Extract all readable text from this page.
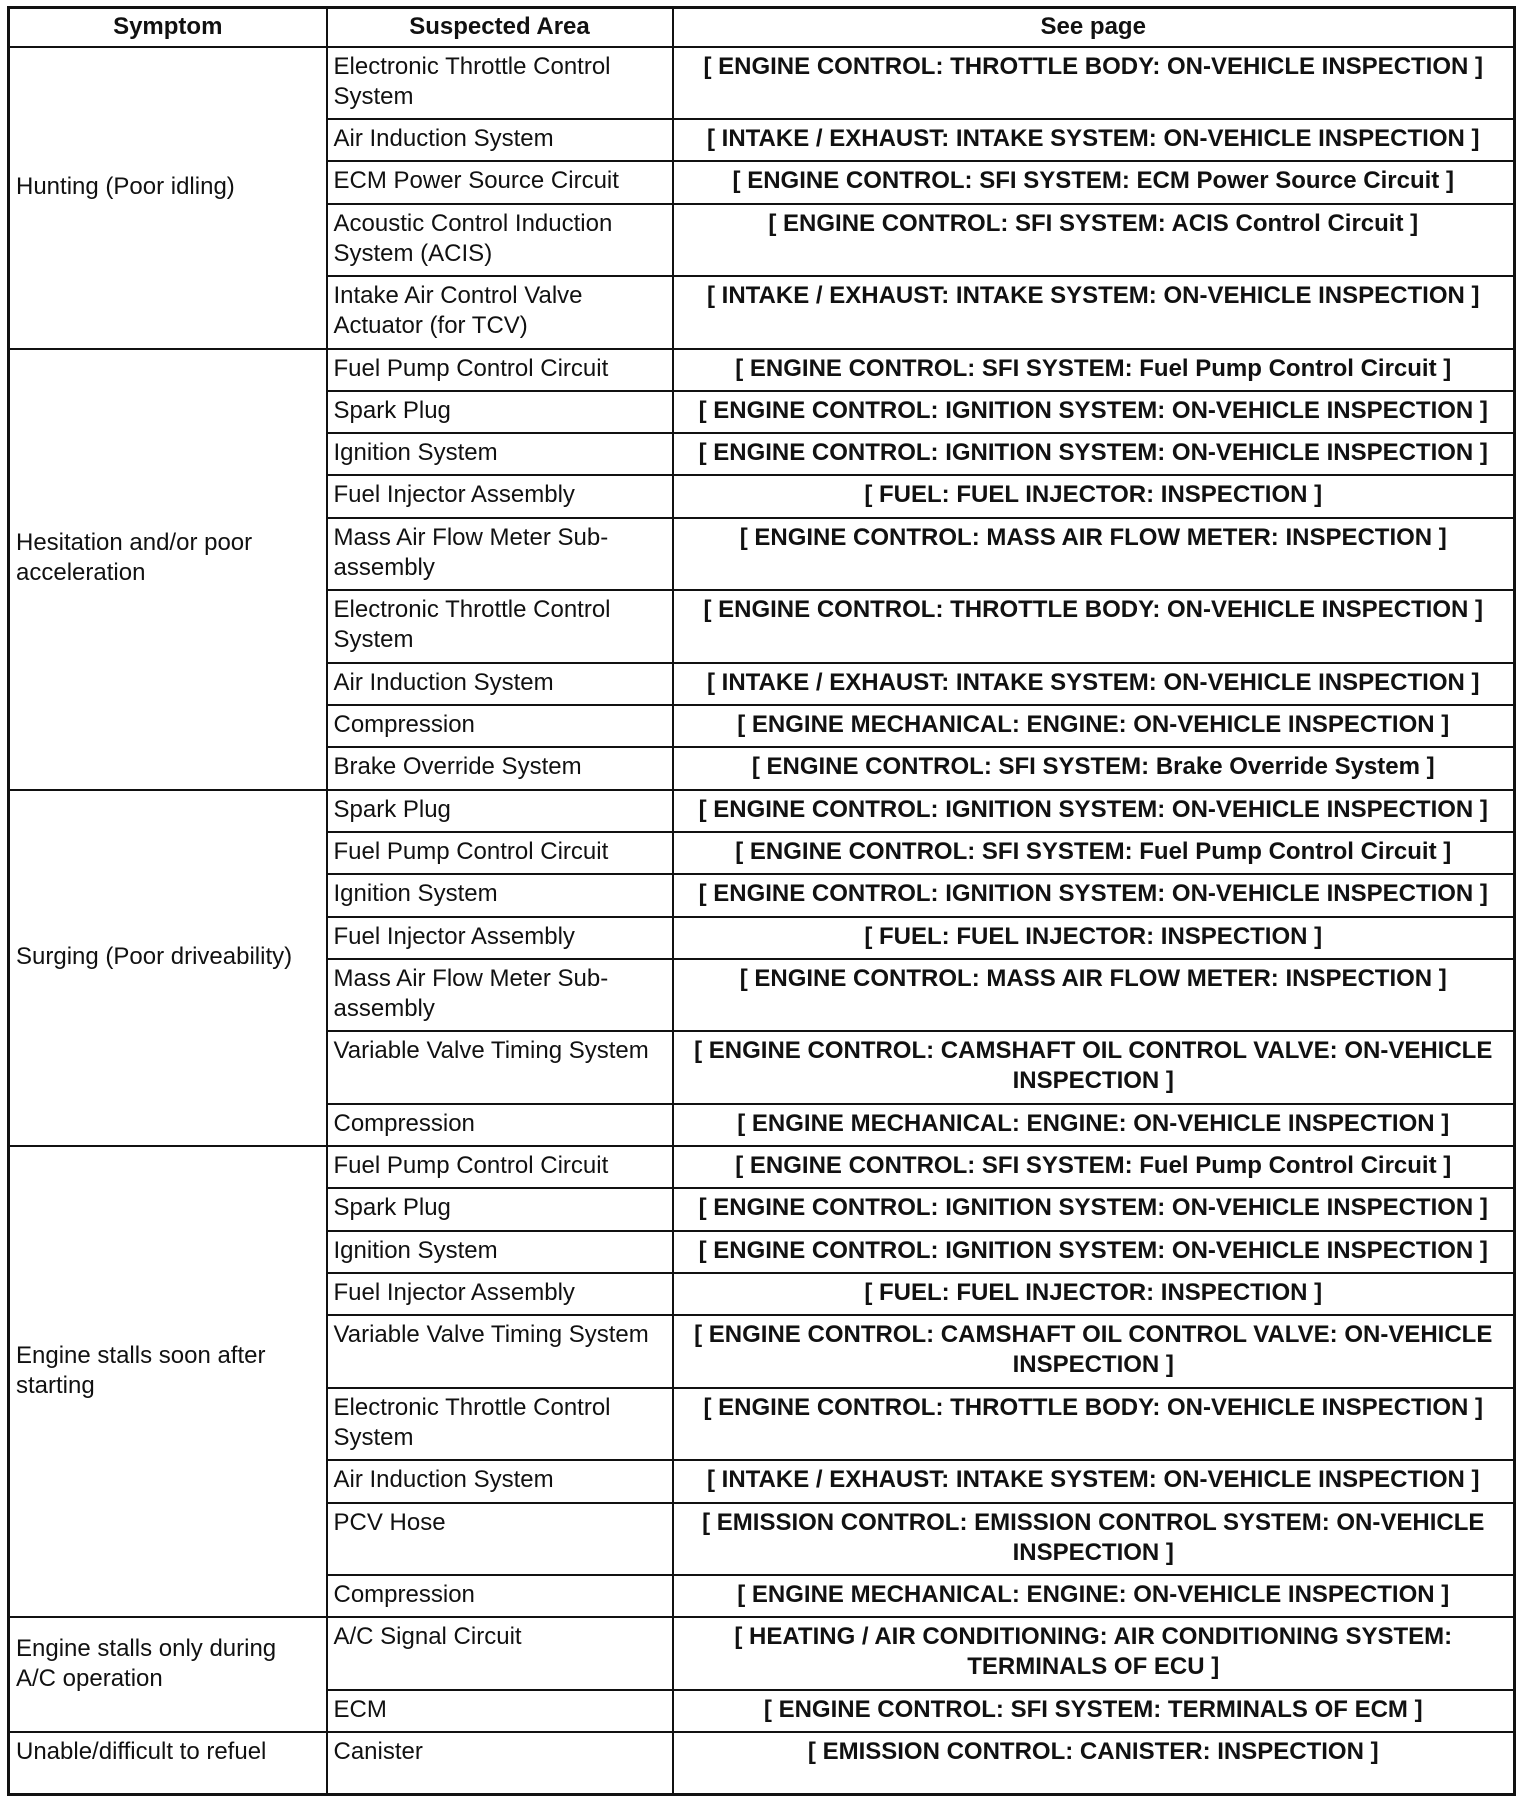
Symptom	Suspected Area	See page
Hunting (Poor idling)	Electronic Throttle Control System	[ ENGINE CONTROL: THROTTLE BODY: ON-VEHICLE INSPECTION ]
	Air Induction System	[ INTAKE / EXHAUST: INTAKE SYSTEM: ON-VEHICLE INSPECTION ]
	ECM Power Source Circuit	[ ENGINE CONTROL: SFI SYSTEM: ECM Power Source Circuit ]
	Acoustic Control Induction System (ACIS)	[ ENGINE CONTROL: SFI SYSTEM: ACIS Control Circuit ]
	Intake Air Control Valve Actuator (for TCV)	[ INTAKE / EXHAUST: INTAKE SYSTEM: ON-VEHICLE INSPECTION ]
Hesitation and/or poor acceleration	Fuel Pump Control Circuit	[ ENGINE CONTROL: SFI SYSTEM: Fuel Pump Control Circuit ]
	Spark Plug	[ ENGINE CONTROL: IGNITION SYSTEM: ON-VEHICLE INSPECTION ]
	Ignition System	[ ENGINE CONTROL: IGNITION SYSTEM: ON-VEHICLE INSPECTION ]
	Fuel Injector Assembly	[ FUEL: FUEL INJECTOR: INSPECTION ]
	Mass Air Flow Meter Sub-assembly	[ ENGINE CONTROL: MASS AIR FLOW METER: INSPECTION ]
	Electronic Throttle Control System	[ ENGINE CONTROL: THROTTLE BODY: ON-VEHICLE INSPECTION ]
	Air Induction System	[ INTAKE / EXHAUST: INTAKE SYSTEM: ON-VEHICLE INSPECTION ]
	Compression	[ ENGINE MECHANICAL: ENGINE: ON-VEHICLE INSPECTION ]
	Brake Override System	[ ENGINE CONTROL: SFI SYSTEM: Brake Override System ]
Surging (Poor driveability)	Spark Plug	[ ENGINE CONTROL: IGNITION SYSTEM: ON-VEHICLE INSPECTION ]
	Fuel Pump Control Circuit	[ ENGINE CONTROL: SFI SYSTEM: Fuel Pump Control Circuit ]
	Ignition System	[ ENGINE CONTROL: IGNITION SYSTEM: ON-VEHICLE INSPECTION ]
	Fuel Injector Assembly	[ FUEL: FUEL INJECTOR: INSPECTION ]
	Mass Air Flow Meter Sub-assembly	[ ENGINE CONTROL: MASS AIR FLOW METER: INSPECTION ]
	Variable Valve Timing System	[ ENGINE CONTROL: CAMSHAFT OIL CONTROL VALVE: ON-VEHICLE INSPECTION ]
	Compression	[ ENGINE MECHANICAL: ENGINE: ON-VEHICLE INSPECTION ]
Engine stalls soon after starting	Fuel Pump Control Circuit	[ ENGINE CONTROL: SFI SYSTEM: Fuel Pump Control Circuit ]
	Spark Plug	[ ENGINE CONTROL: IGNITION SYSTEM: ON-VEHICLE INSPECTION ]
	Ignition System	[ ENGINE CONTROL: IGNITION SYSTEM: ON-VEHICLE INSPECTION ]
	Fuel Injector Assembly	[ FUEL: FUEL INJECTOR: INSPECTION ]
	Variable Valve Timing System	[ ENGINE CONTROL: CAMSHAFT OIL CONTROL VALVE: ON-VEHICLE INSPECTION ]
	Electronic Throttle Control System	[ ENGINE CONTROL: THROTTLE BODY: ON-VEHICLE INSPECTION ]
	Air Induction System	[ INTAKE / EXHAUST: INTAKE SYSTEM: ON-VEHICLE INSPECTION ]
	PCV Hose	[ EMISSION CONTROL: EMISSION CONTROL SYSTEM: ON-VEHICLE INSPECTION ]
	Compression	[ ENGINE MECHANICAL: ENGINE: ON-VEHICLE INSPECTION ]
Engine stalls only during A/C operation	A/C Signal Circuit	[ HEATING / AIR CONDITIONING: AIR CONDITIONING SYSTEM: TERMINALS OF ECU ]
	ECM	[ ENGINE CONTROL: SFI SYSTEM: TERMINALS OF ECM ]
Unable/difficult to refuel	Canister	[ EMISSION CONTROL: CANISTER: INSPECTION ]
